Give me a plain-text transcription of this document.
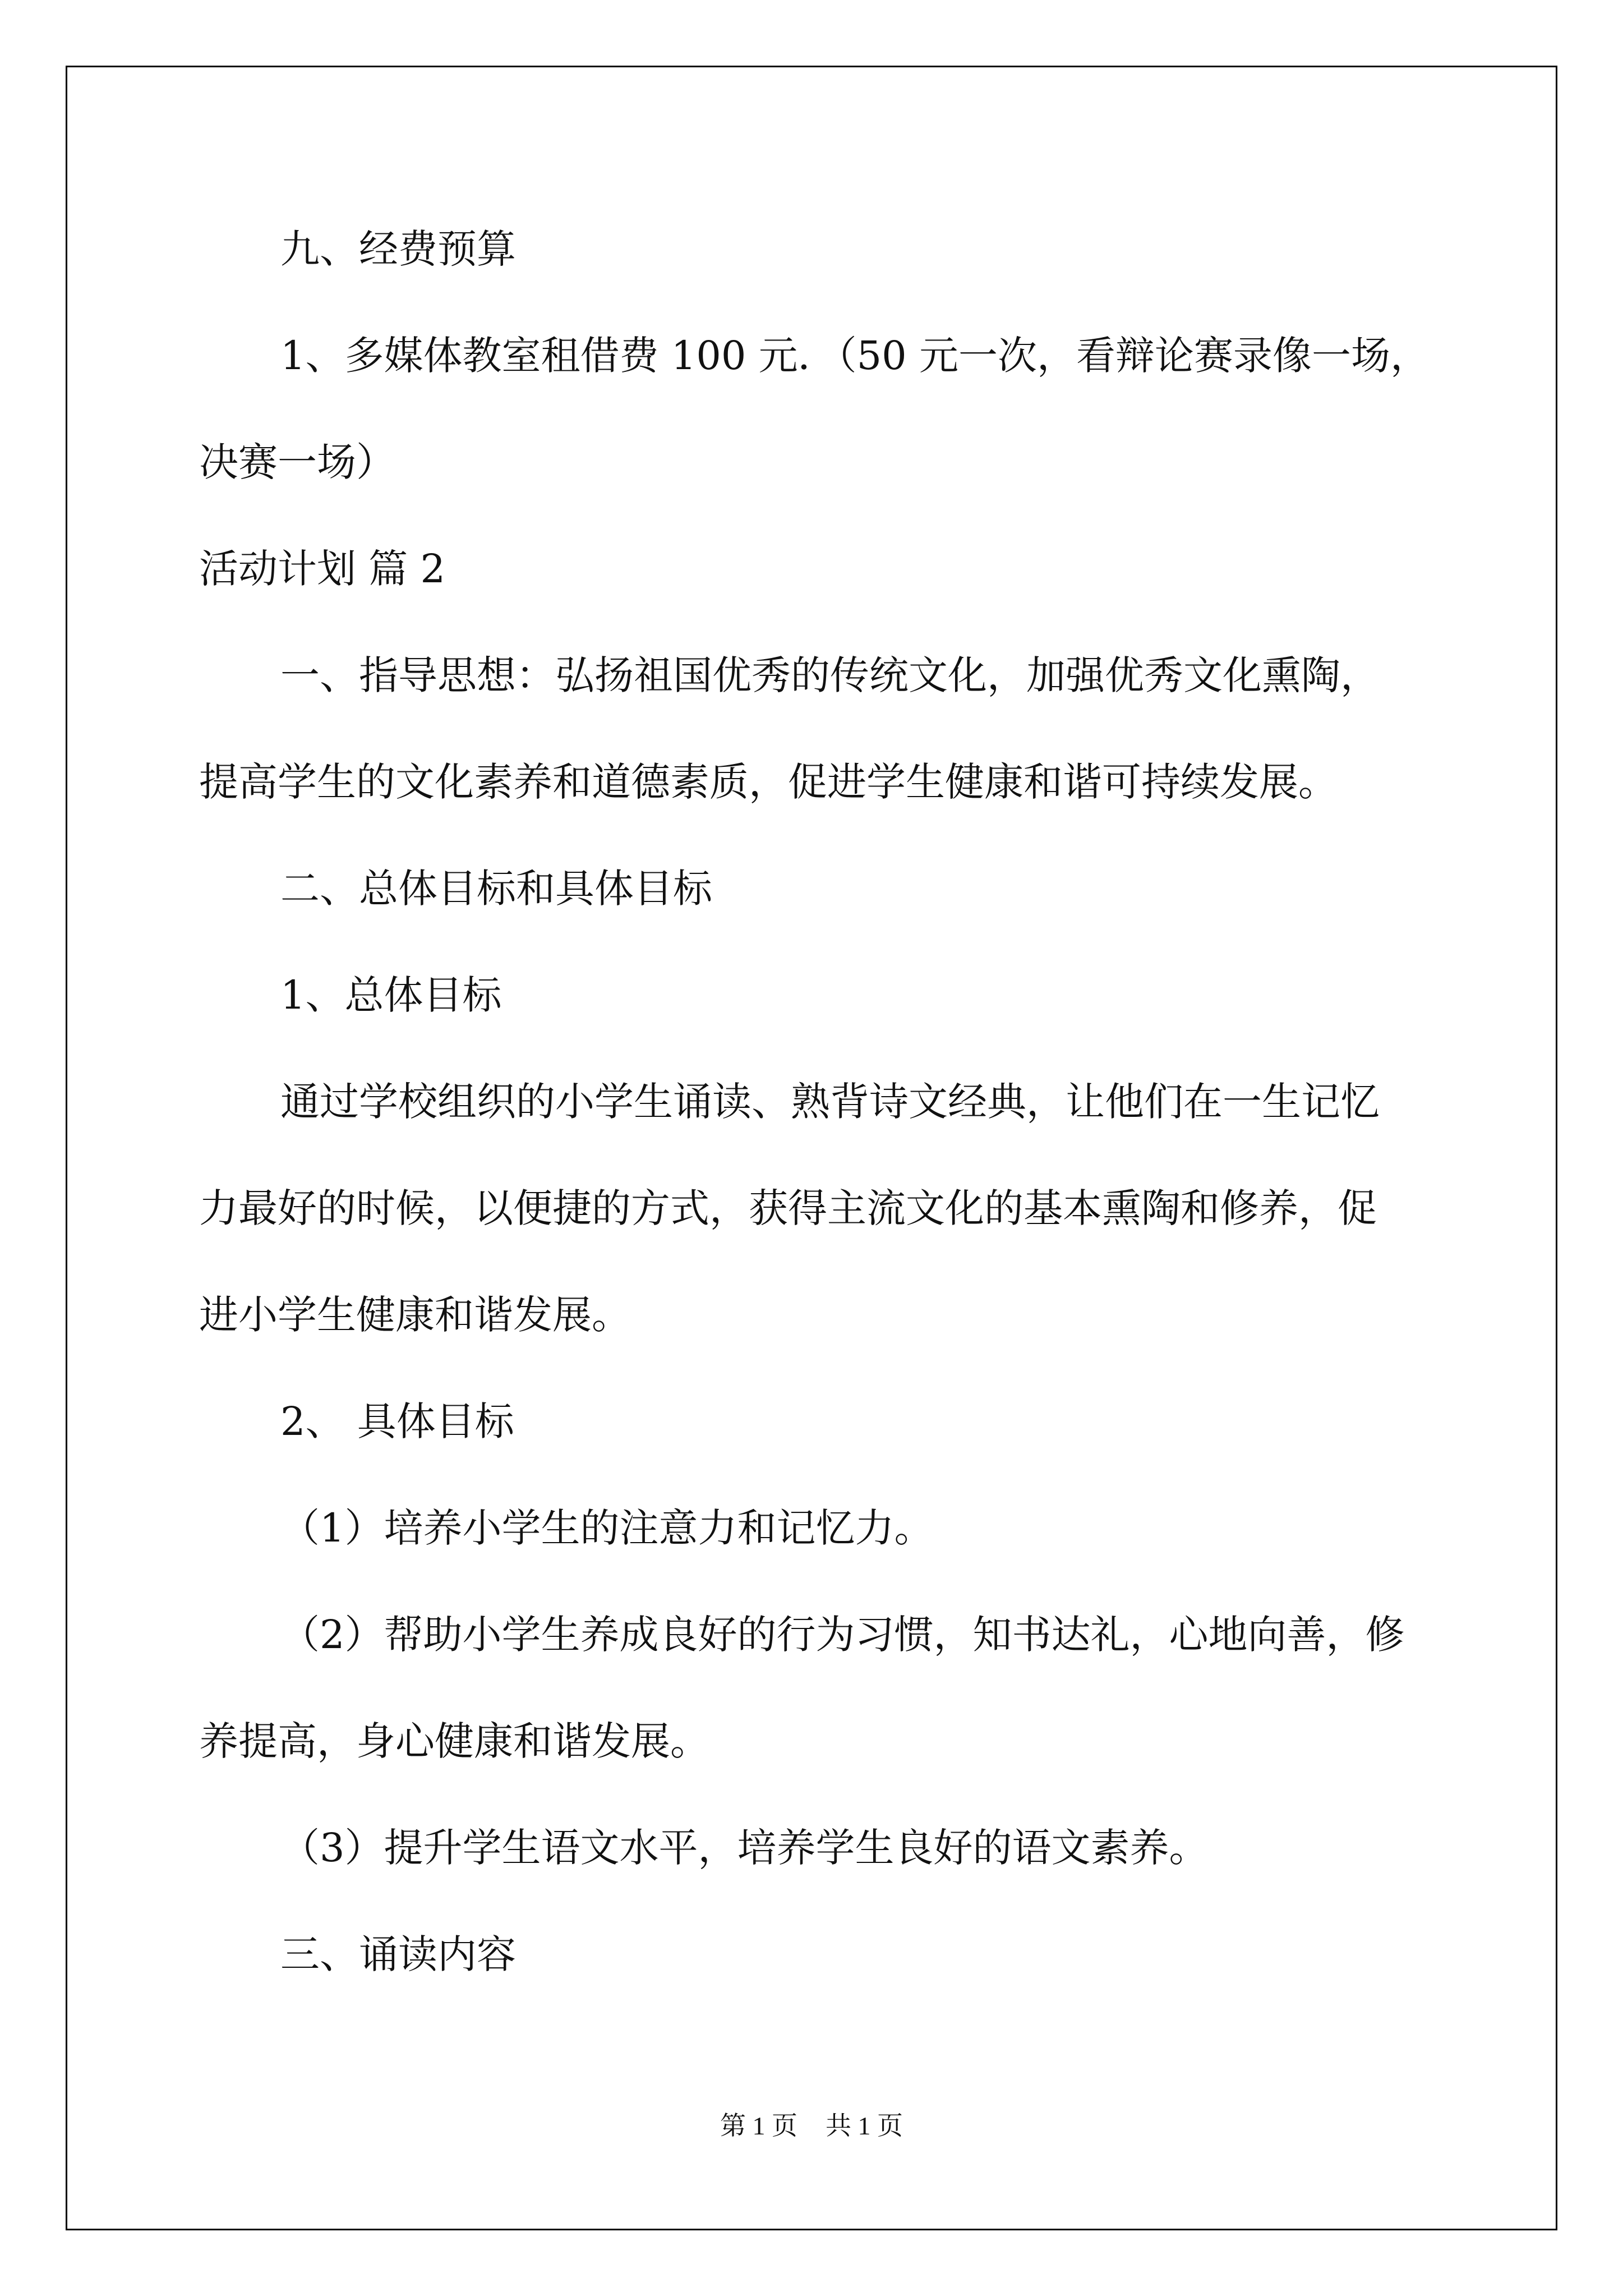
九、经费预算

1、多媒体教室租借费 100 元．（50 元一次，看辩论赛录像一场，

决赛一场）

活动计划 篇 2

一、指导思想：弘扬祖国优秀的传统文化，加强优秀文化熏陶，

提高学生的文化素养和道德素质，促进学生健康和谐可持续发展。

二、总体目标和具体目标

1、总体目标

通过学校组织的小学生诵读、熟背诗文经典，让他们在一生记忆

力最好的时候，以便捷的方式，获得主流文化的基本熏陶和修养，促

进小学生健康和谐发展。

2、 具体目标

（1）培养小学生的注意力和记忆力。

（2）帮助小学生养成良好的行为习惯，知书达礼，心地向善，修

养提高，身心健康和谐发展。

（3）提升学生语文水平，培养学生良好的语文素养。

三、诵读内容

第 1 页 共 1 页
